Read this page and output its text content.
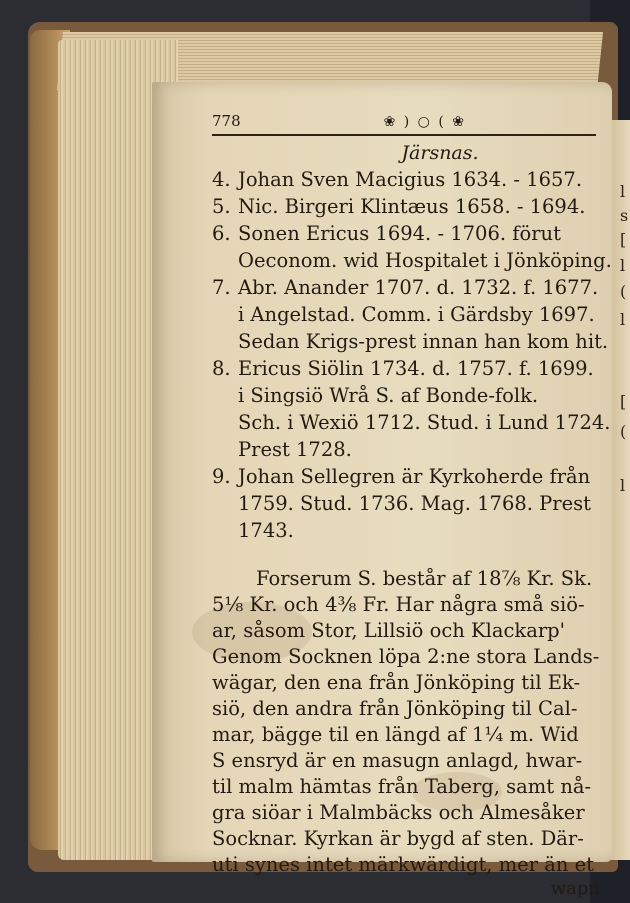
l
s
[
l
(
l
[
(
l
778	❀ ) ○ ( ❀
Järsnas.

4. Johan Sven Macigius 1634. - 1657.

5. Nic. Birgeri Klintæus 1658. - 1694.

6. Sonen Ericus 1694. - 1706. förut
Oeconom. wid Hospitalet i Jönköping.

7. Abr. Anander 1707. d. 1732. f. 1677.
i Angelstad. Comm. i Gärdsby 1697.
Sedan Krigs-prest innan han kom hit.

8. Ericus Siölin 1734. d. 1757. f. 1699.
i Singsiö Wrå S. af Bonde-folk.
Sch. i Wexiö 1712. Stud. i Lund 1724.
Prest 1728.

9. Johan Sellegren är Kyrkoherde från
1759. Stud. 1736. Mag. 1768. Prest
1743.

Forserum S. består af 18⅞ Kr. Sk.
5⅛ Kr. och 4⅜ Fr. Har några små siö-
ar, såsom Stor, Lillsiö och Klackarp'
Genom Socknen löpa 2:ne stora Lands-
wägar, den ena från Jönköping til Ek-
siö, den andra från Jönköping til Cal-
mar, bägge til en längd af 1¼ m. Wid
S ensryd är en masugn anlagd, hwar-
til malm hämtas från Taberg, samt nå-
gra siöar i Malmbäcks och Almesåker
Socknar. Kyrkan är bygd af sten. Där-
uti synes intet märkwärdigt, mer än et
wapn
